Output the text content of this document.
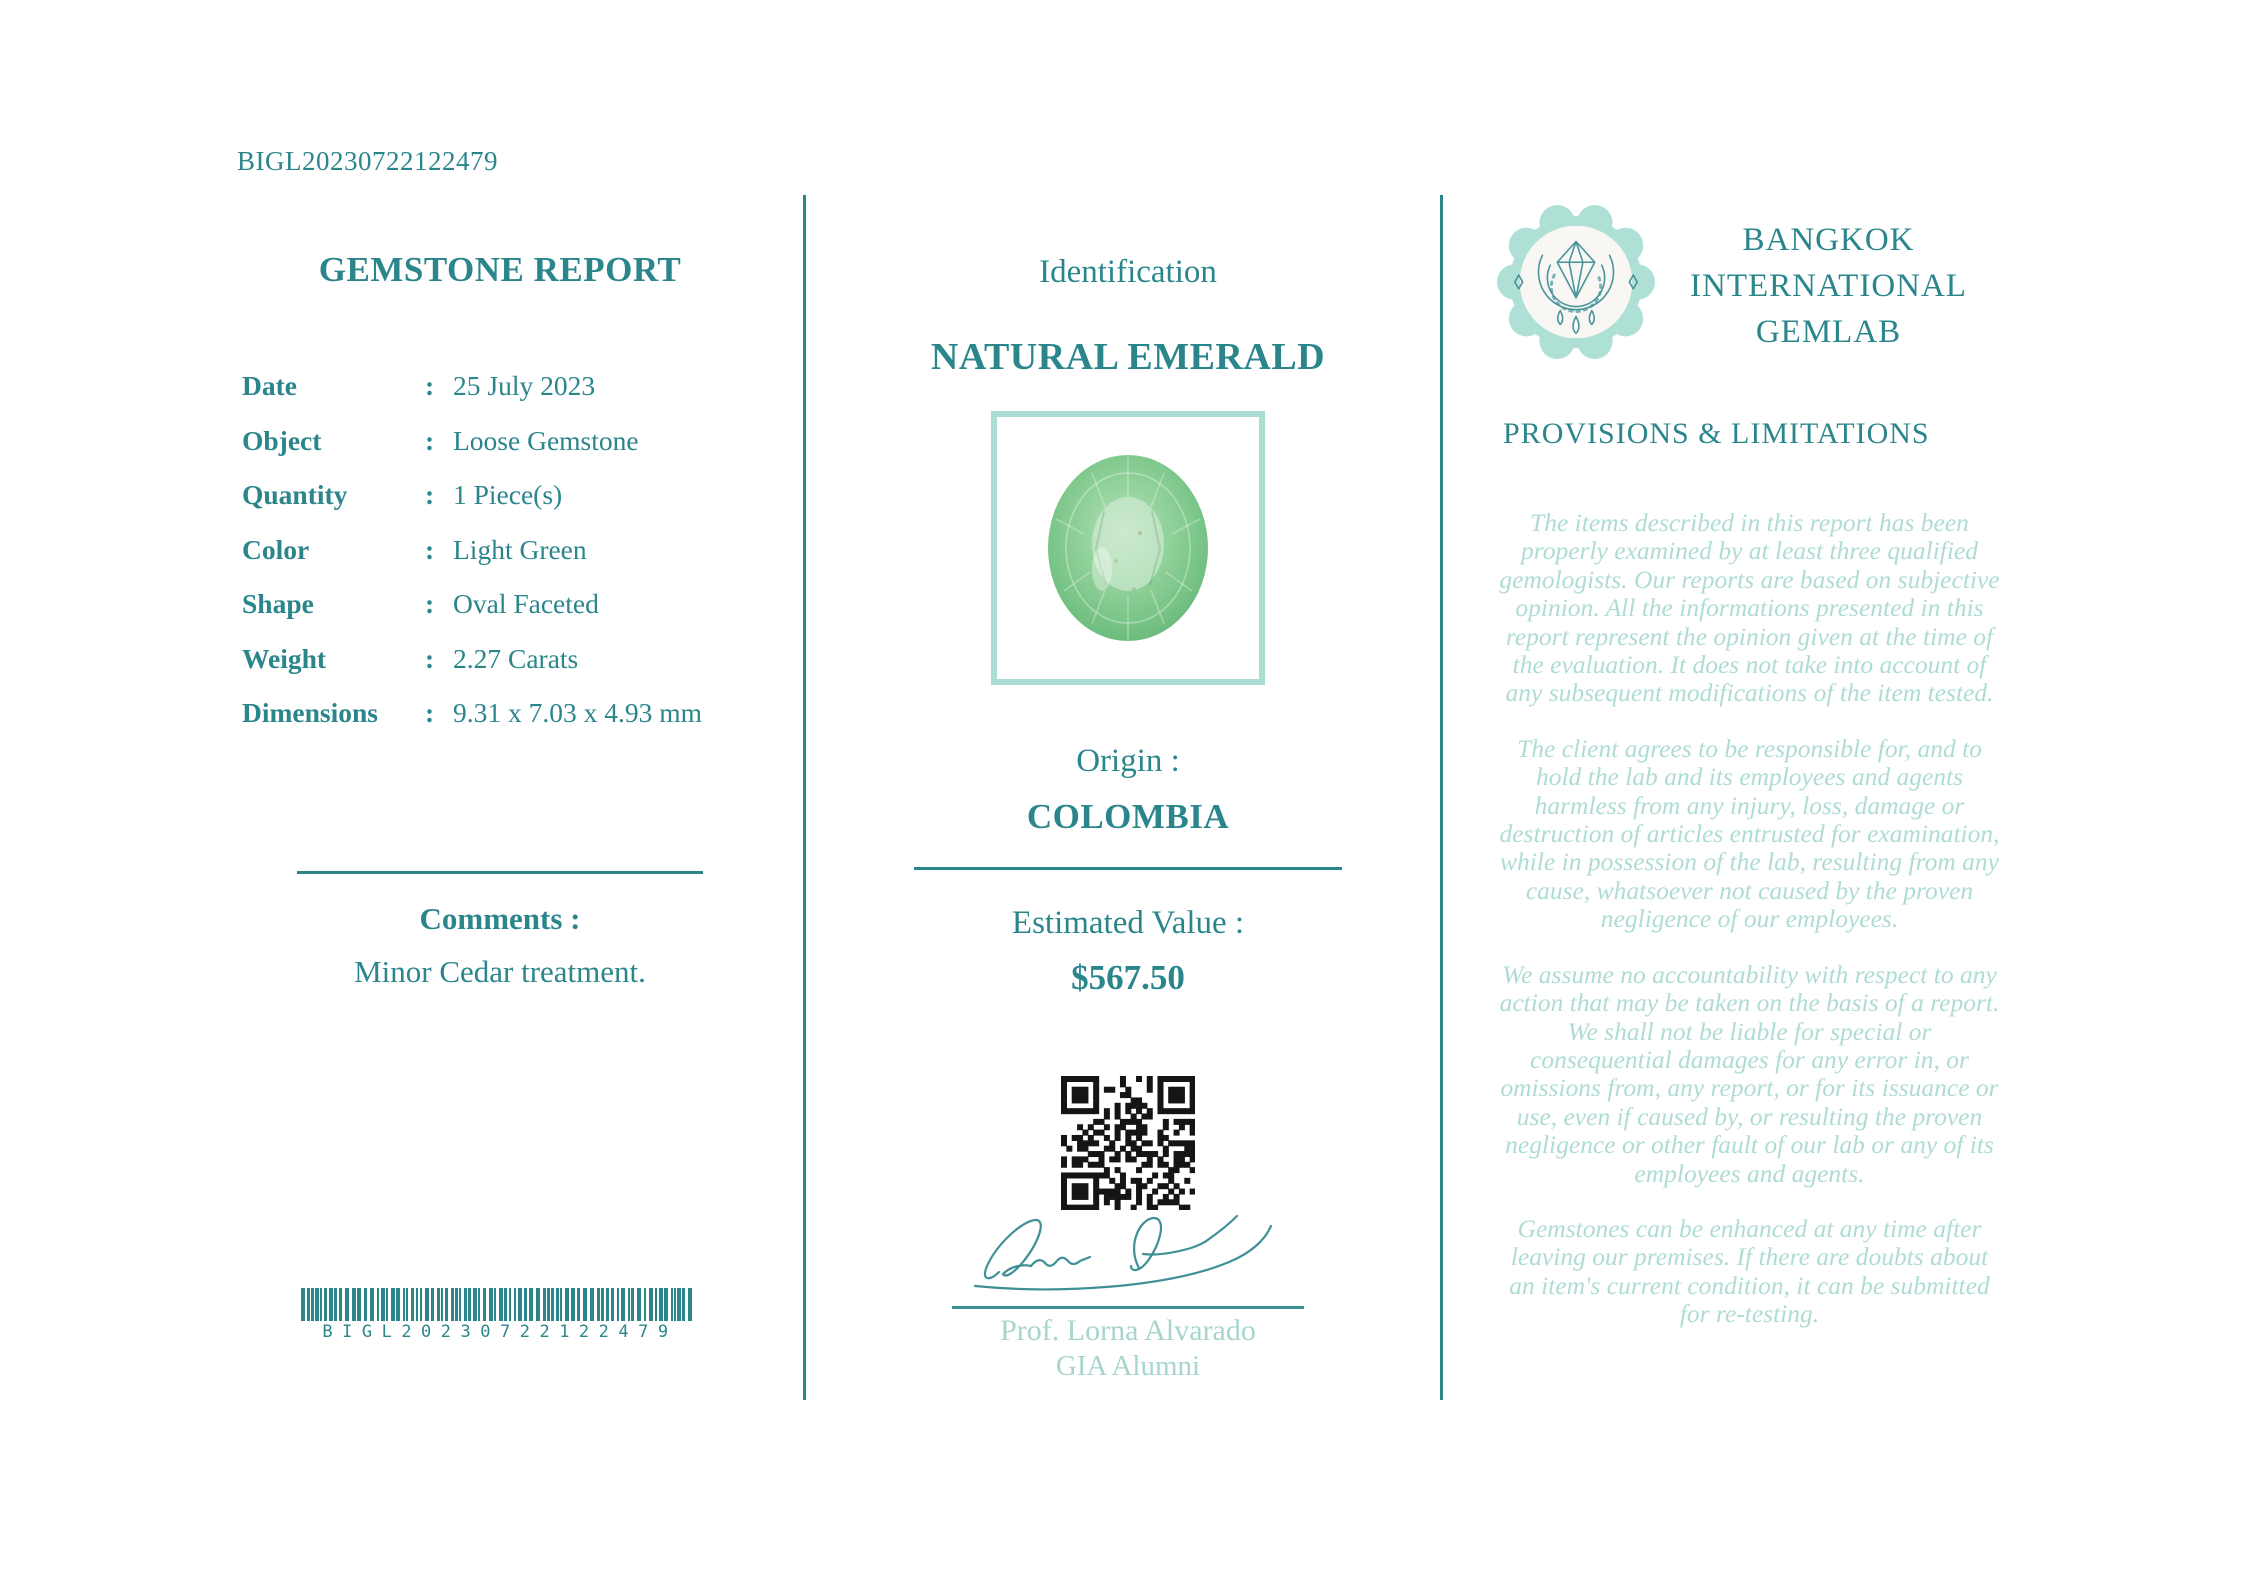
BIGL20230722122479
GEMSTONE REPORT
Date	: 25 July 2023
Object	: Loose Gemstone
Quantity	: 1 Piece(s)
Color	: Light Green
Shape	: Oval Faceted
Weight	: 2.27 Carats
Dimensions	: 9.31 x 7.03 x 4.93 mm
Comments :
Minor Cedar treatment.
BIGL20230722122479
Identification
NATURAL EMERALD
Origin :
COLOMBIA
Estimated Value :
$567.50
Prof. Lorna Alvarado
GIA Alumni
BANGKOK INTERNATIONAL GEMLAB
PROVISIONS & LIMITATIONS

The items described in this report has been properly examined by at least three qualified gemologists. Our reports are based on subjective opinion. All the informations presented in this report represent the opinion given at the time of the evaluation. It does not take into account of any subsequent modifications of the item tested.

The client agrees to be responsible for, and to hold the lab and its employees and agents harmless from any injury, loss, damage or destruction of articles entrusted for examination, while in possession of the lab, resulting from any cause, whatsoever not caused by the proven negligence of our employees.

We assume no accountability with respect to any action that may be taken on the basis of a report. We shall not be liable for special or consequential damages for any error in, or omissions from, any report, or for its issuance or use, even if caused by, or resulting the proven negligence or other fault of our lab or any of its employees and agents.

Gemstones can be enhanced at any time after leaving our premises. If there are doubts about an item's current condition, it can be submitted for re-testing.
